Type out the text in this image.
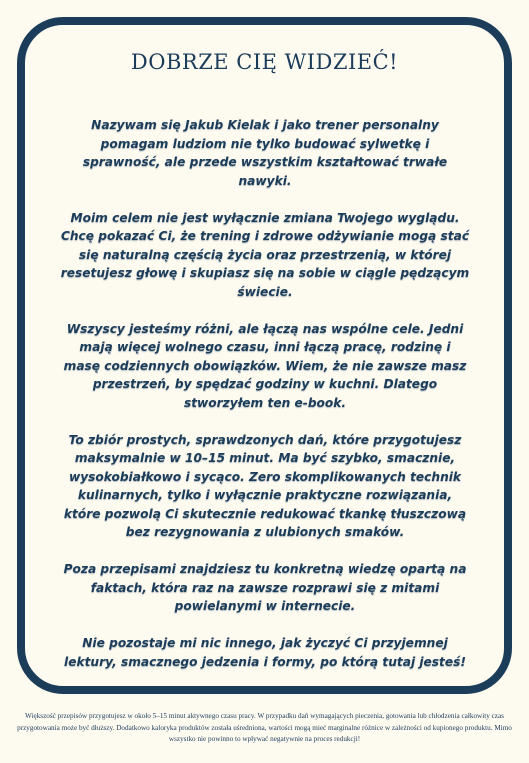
DOBRZE CIĘ WIDZIEĆ!

Nazywam się Jakub Kielak i jako trener personalny pomagam ludziom nie tylko budować sylwetkę i sprawność, ale przede wszystkim kształtować trwałe nawyki.

Moim celem nie jest wyłącznie zmiana Twojego wyglądu. Chcę pokazać Ci, że trening i zdrowe odżywianie mogą stać się naturalną częścią życia oraz przestrzenią, w której resetujesz głowę i skupiasz się na sobie w ciągle pędzącym świecie.

Wszyscy jesteśmy różni, ale łączą nas wspólne cele. Jedni mają więcej wolnego czasu, inni łączą pracę, rodzinę i masę codziennych obowiązków. Wiem, że nie zawsze masz przestrzeń, by spędzać godziny w kuchni. Dlatego stworzyłem ten e-book.

To zbiór prostych, sprawdzonych dań, które przygotujesz maksymalnie w 10–15 minut. Ma być szybko, smacznie, wysokobiałkowo i sycąco. Zero skomplikowanych technik kulinarnych, tylko i wyłącznie praktyczne rozwiązania, które pozwolą Ci skutecznie redukować tkankę tłuszczową bez rezygnowania z ulubionych smaków.

Poza przepisami znajdziesz tu konkretną wiedzę opartą na faktach, która raz na zawsze rozprawi się z mitami powielanymi w internecie.

Nie pozostaje mi nic innego, jak życzyć Ci przyjemnej lektury, smacznego jedzenia i formy, po którą tutaj jesteś!

Większość przepisów przygotujesz w około 5–15 minut aktywnego czasu pracy. W przypadku dań wymagających pieczenia, gotowania lub chłodzenia całkowity czas przygotowania może być dłuższy. Dodatkowo kaloryka produktów została uśredniona, wartości mogą mieć marginalne różnice w zależności od kupionego produktu. Mimo wszystko nie powinno to wpływać negatywnie na proces redukcji!
